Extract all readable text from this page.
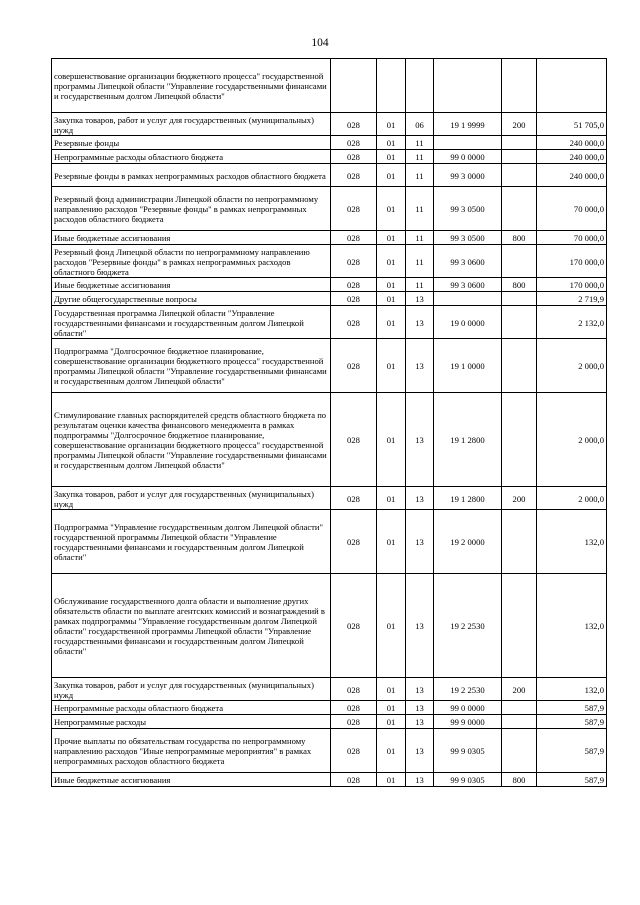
104
совершенствование организации бюджетного процесса" государственной программы Липецкой области "Управление государственными финансами и государственным долгом Липецкой области"						
Закупка товаров, работ и услуг для государственных (муниципальных) нужд	028	01	06	19 1 9999	200	51 705,0
Резервные фонды	028	01	11			240 000,0
Непрограммные расходы областного бюджета	028	01	11	99 0 0000		240 000,0
Резервные фонды в рамках непрограммных расходов областного бюджета	028	01	11	99 3 0000		240 000,0
Резервный фонд администрации Липецкой области по непрограммному направлению расходов "Резервные фонды" в рамках непрограммных расходов областного бюджета	028	01	11	99 3 0500		70 000,0
Иные бюджетные ассигнования	028	01	11	99 3 0500	800	70 000,0
Резервный фонд Липецкой области по непрограммному направлению расходов "Резервные фонды" в рамках непрограммных расходов областного бюджета	028	01	11	99 3 0600		170 000,0
Иные бюджетные ассигнования	028	01	11	99 3 0600	800	170 000,0
Другие общегосударственные вопросы	028	01	13			2 719,9
Государственная программа Липецкой области "Управление государственными финансами и государственным долгом Липецкой области"	028	01	13	19 0 0000		2 132,0
Подпрограмма "Долгосрочное бюджетное планирование, совершенствование организации бюджетного процесса" государственной программы Липецкой области "Управление государственными финансами и государственным долгом Липецкой области"	028	01	13	19 1 0000		2 000,0
Стимулирование главных распорядителей средств областного бюджета по результатам оценки качества финансового менеджмента в рамках подпрограммы "Долгосрочное бюджетное планирование, совершенствование организации бюджетного процесса" государственной программы Липецкой области "Управление государственными финансами и государственным долгом Липецкой области"	028	01	13	19 1 2800		2 000,0
Закупка товаров, работ и услуг для государственных (муниципальных) нужд	028	01	13	19 1 2800	200	2 000,0
Подпрограмма "Управление государственным долгом Липецкой области" государственной программы Липецкой области "Управление государственными финансами и государственным долгом Липецкой области"	028	01	13	19 2 0000		132,0
Обслуживание государственного долга области и выполнение других обязательств области по выплате агентских комиссий и вознаграждений в рамках подпрограммы "Управление государственным долгом Липецкой области" государственной программы Липецкой области "Управление государственными финансами и государственным долгом Липецкой области"	028	01	13	19 2 2530		132,0
Закупка товаров, работ и услуг для государственных (муниципальных) нужд	028	01	13	19 2 2530	200	132,0
Непрограммные расходы областного бюджета	028	01	13	99 0 0000		587,9
Непрограммные расходы	028	01	13	99 9 0000		587,9
Прочие выплаты по обязательствам государства по непрограммному направлению расходов "Иные непрограммные мероприятия" в рамках непрограммных расходов областного бюджета	028	01	13	99 9 0305		587,9
Иные бюджетные ассигнования	028	01	13	99 9 0305	800	587,9
